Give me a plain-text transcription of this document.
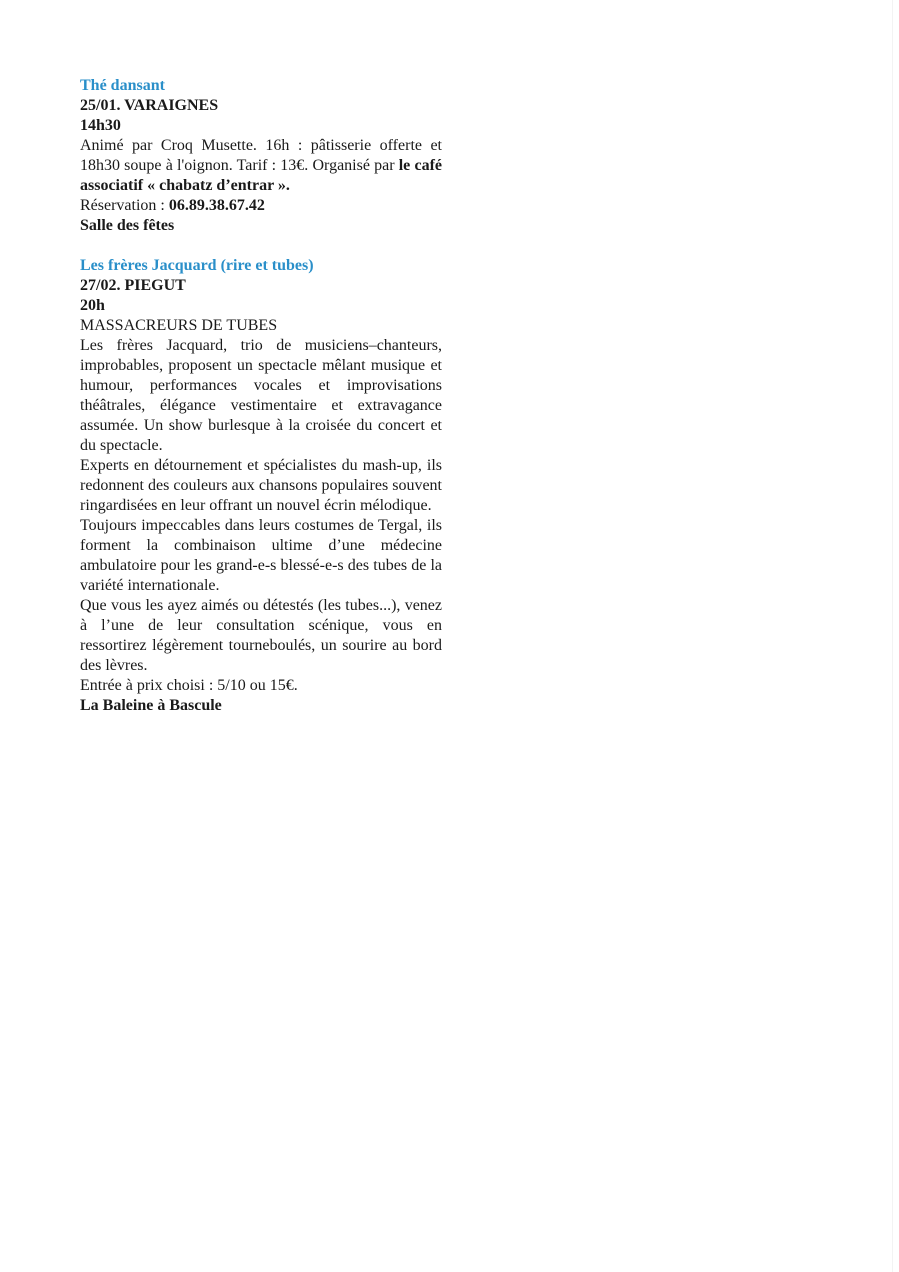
Thé dansant

25/01. VARAIGNES

14h30

Animé par Croq Musette. 16h : pâtisserie offerte et 18h30 soupe à l'oignon. Tarif : 13€. Organisé par le café associatif « chabatz d’entrar ».

Réservation : 06.89.38.67.42

Salle des fêtes

Les frères Jacquard (rire et tubes)

27/02. PIEGUT

20h

MASSACREURS DE TUBES

Les frères Jacquard, trio de musiciens–chanteurs, improbables, proposent un spectacle mêlant musique et humour, performances vocales et improvisations théâtrales, élégance vestimentaire et extravagance assumée. Un show burlesque à la croisée du concert et du spectacle.

Experts en détournement et spécialistes du mash-up, ils redonnent des couleurs aux chansons populaires souvent ringardisées en leur offrant un nouvel écrin mélodique.

Toujours impeccables dans leurs costumes de Tergal, ils forment la combinaison ultime d’une médecine ambulatoire pour les grand-e-s blessé-e-s des tubes de la variété internationale.

Que vous les ayez aimés ou détestés (les tubes...), venez à l’une de leur consultation scénique, vous en ressortirez légèrement tourneboulés, un sourire au bord des lèvres.

Entrée à prix choisi : 5/10 ou 15€.

La Baleine à Bascule
